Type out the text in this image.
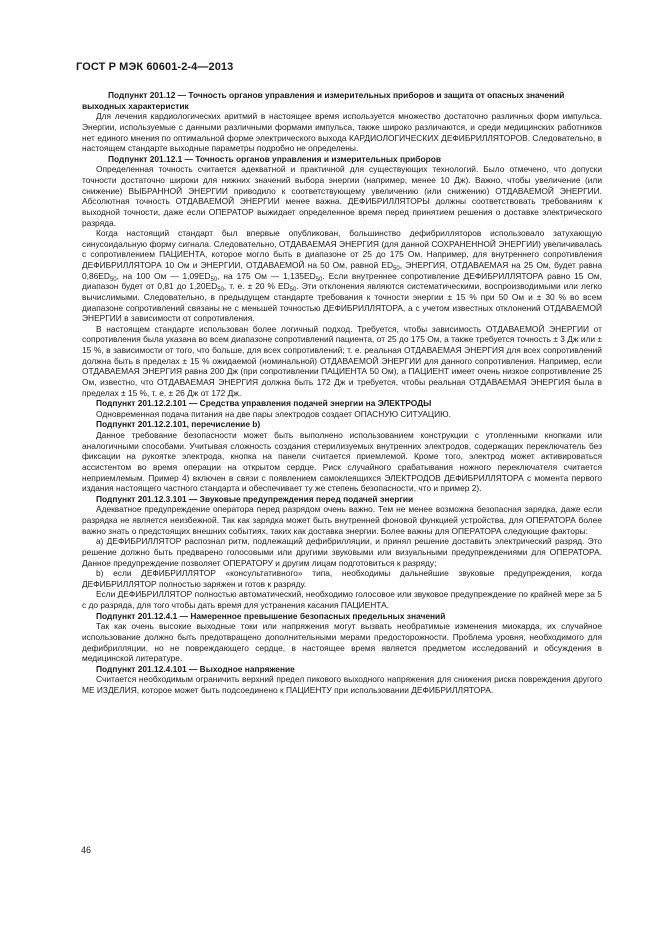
ГОСТ Р МЭК 60601-2-4—2013

Подпункт 201.12 — Точность органов управления и измерительных приборов и защита от опасных значений выходных характеристик

Для лечения кардиологических аритмий в настоящее время используется множество достаточно различных форм импульса. Энергии, используемые с данными различными формами импульса, также широко различаются, и среди медицинских работников нет единого мнения по оптимальной форме электрического выхода КАРДИОЛОГИЧЕСКИХ ДЕФИБРИЛЛЯТОРОВ. Следовательно, в настоящем стандарте выходные параметры подробно не определены.

Подпункт 201.12.1 — Точность органов управления и измерительных приборов

Определенная точность считается адекватной и практичной для существующих технологий. Было отмечено, что допуски точности достаточно широки для нижних значений выбора энергии (например, менее 10 Дж). Важно, чтобы увеличение (или снижение) ВЫБРАННОЙ ЭНЕРГИИ приводило к соответствующему увеличению (или снижению) ОТДАВАЕМОЙ ЭНЕРГИИ. Абсолютная точность ОТДАВАЕМОЙ ЭНЕРГИИ менее важна. ДЕФИБРИЛЛЯТОРЫ должны соответствовать требованиям к выходной точности, даже если ОПЕРАТОР выжидает определенное время перед принятием решения о доставке электрического разряда.

Когда настоящий стандарт был впервые опубликован, большинство дефибрилляторов использовало затухающую синусоидальную форму сигнала. Следовательно, ОТДАВАЕМАЯ ЭНЕРГИЯ (для данной СОХРАНЕННОЙ ЭНЕРГИИ) увеличивалась с сопротивлением ПАЦИЕНТА, которое могло быть в диапазоне от 25 до 175 Ом. Например, для внутреннего сопротивления ДЕФИБРИЛЛЯТОРА 10 Ом и ЭНЕРГИИ, ОТДАВАЕМОЙ на 50 Ом, равной $ED_{50}$, ЭНЕРГИЯ, ОТДАВАЕМАЯ на 25 Ом, будет равна $0,86ED_{50}$, на 100 Ом — $1,09ED_{50}$, на 175 Ом — $1,135ED_{50}$. Если внутреннее сопротивление ДЕФИБРИЛЛЯТОРА равно 15 Ом, диапазон будет от 0,81 до $1,20ED_{50}$, т. е. ± 20 % $ED_{50}$. Эти отклонения являются систематическими, воспроизводимыми или легко вычислимыми. Следовательно, в предыдущем стандарте требования к точности энергии ± 15 % при 50 Ом и ± 30 % во всем диапазоне сопротивлений связаны не с меньшей точностью ДЕФИБРИЛЛЯТОРА, а с учетом известных отклонений ОТДАВАЕМОЙ ЭНЕРГИИ в зависимости от сопротивления.

В настоящем стандарте использован более логичный подход. Требуется, чтобы зависимость ОТДАВАЕМОЙ ЭНЕРГИИ от сопротивления была указана во всем диапазоне сопротивлений пациента, от 25 до 175 Ом, а также требуется точность ± 3 Дж или ± 15 %, в зависимости от того, что больше, для всех сопротивлений; т. е. реальная ОТДАВАЕМАЯ ЭНЕРГИЯ для всех сопротивлений должна быть в пределах ± 15 % ожидаемой (номинальной) ОТДАВАЕМОЙ ЭНЕРГИИ для данного сопротивления. Например, если ОТДАВАЕМАЯ ЭНЕРГИЯ равна 200 Дж (при сопротивлении ПАЦИЕНТА 50 Ом), а ПАЦИЕНТ имеет очень низкое сопротивление 25 Ом, известно, что ОТДАВАЕМАЯ ЭНЕРГИЯ должна быть 172 Дж и требуется, чтобы реальная ОТДАВАЕМАЯ ЭНЕРГИЯ была в пределах ± 15 %, т. е. ± 26 Дж от 172 Дж.

Подпункт 201.12.2.101 — Средства управления подачей энергии на ЭЛЕКТРОДЫ

Одновременная подача питания на две пары электродов создает ОПАСНУЮ СИТУАЦИЮ.

Подпункт 201.12.2.101, перечисление b)

Данное требование безопасности может быть выполнено использованием конструкции с утопленными кнопками или аналогичными способами. Учитывая сложность создания стерилизуемых внутренних электродов, содержащих переключатель без фиксации на рукоятке электрода, кнопка на панели считается приемлемой. Кроме того, электрод может активироваться ассистентом во время операции на открытом сердце. Риск случайного срабатывания ножного переключателя считается неприемлемым. Пример 4) включен в связи с появлением самоклеящихся ЭЛЕКТРОДОВ ДЕФИБРИЛЛЯТОРА с момента первого издания настоящего частного стандарта и обеспечивает ту же степень безопасности, что и пример 2).

Подпункт 201.12.3.101 — Звуковые предупреждения перед подачей энергии

Адекватное предупреждение оператора перед разрядом очень важно. Тем не менее возможна безопасная зарядка, даже если разрядка не является неизбежной. Так как зарядка может быть внутренней фоновой функцией устройства, для ОПЕРАТОРА более важно знать о предстоящих внешних событиях, таких как доставка энергии. Более важны для ОПЕРАТОРА следующие факторы:

a) ДЕФИБРИЛЛЯТОР распознал ритм, подлежащий дефибрилляции, и принял решение доставить электрический разряд. Это решение должно быть предварено голосовыми или другими звуковыми или визуальными предупреждениями для ОПЕРАТОРА. Данное предупреждение позволяет ОПЕРАТОРУ и другим лицам подготовиться к разряду;

b) если ДЕФИБРИЛЛЯТОР «консультативного» типа, необходимы дальнейшие звуковые предупреждения, когда ДЕФИБРИЛЛЯТОР полностью заряжен и готов к разряду.

Если ДЕФИБРИЛЛЯТОР полностью автоматический, необходимо голосовое или звуковое предупреждение по крайней мере за 5 с до разряда, для того чтобы дать время для устранения касания ПАЦИЕНТА.

Подпункт 201.12.4.1 — Намеренное превышение безопасных предельных значений

Так как очень высокие выходные токи или напряжения могут вызвать необратимые изменения миокарда, их случайное использование должно быть предотвращено дополнительными мерами предосторожности. Проблема уровня, необходимого для дефибрилляции, но не повреждающего сердце, в настоящее время является предметом исследований и обсуждения в медицинской литературе.

Подпункт 201.12.4.101 — Выходное напряжение

Считается необходимым ограничить верхний предел пикового выходного напряжения для снижения риска повреждения другого МЕ ИЗДЕЛИЯ, которое может быть подсоединено к ПАЦИЕНТУ при использовании ДЕФИБРИЛЛЯТОРА.

46
